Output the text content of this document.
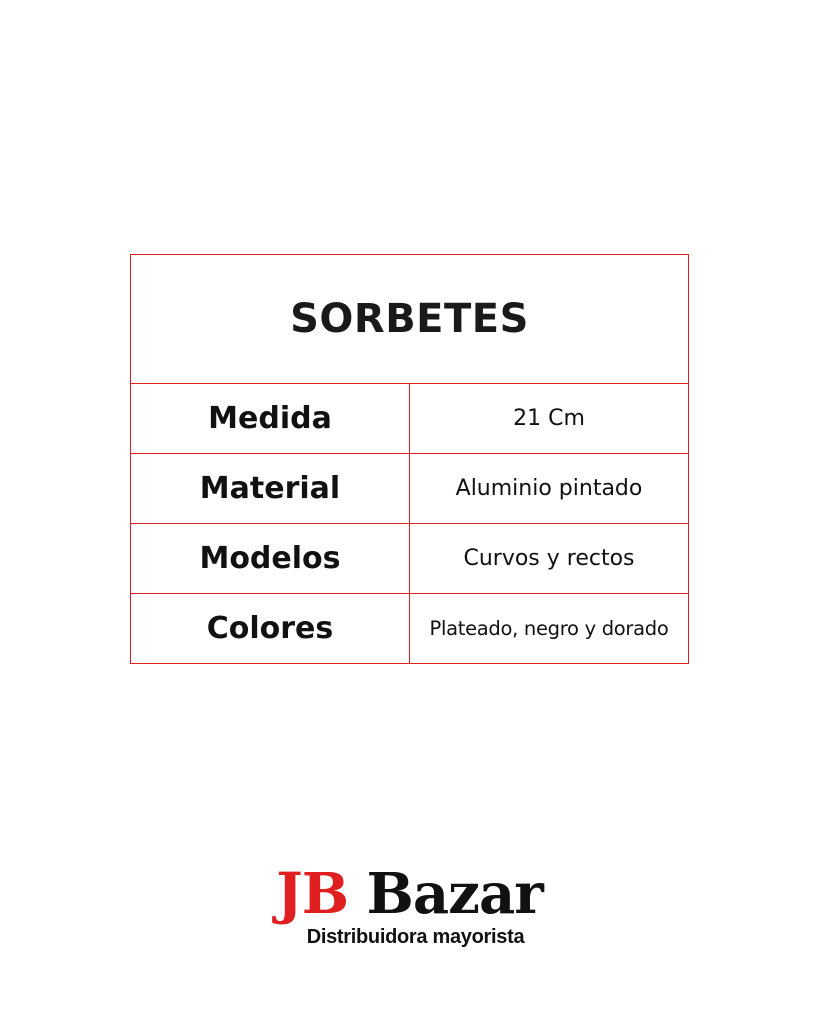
SORBETES	
Medida	21 Cm
Material	Aluminio pintado
Modelos	Curvos y rectos
Colores	Plateado, negro y dorado
JB Bazar
Distribuidora mayorista
